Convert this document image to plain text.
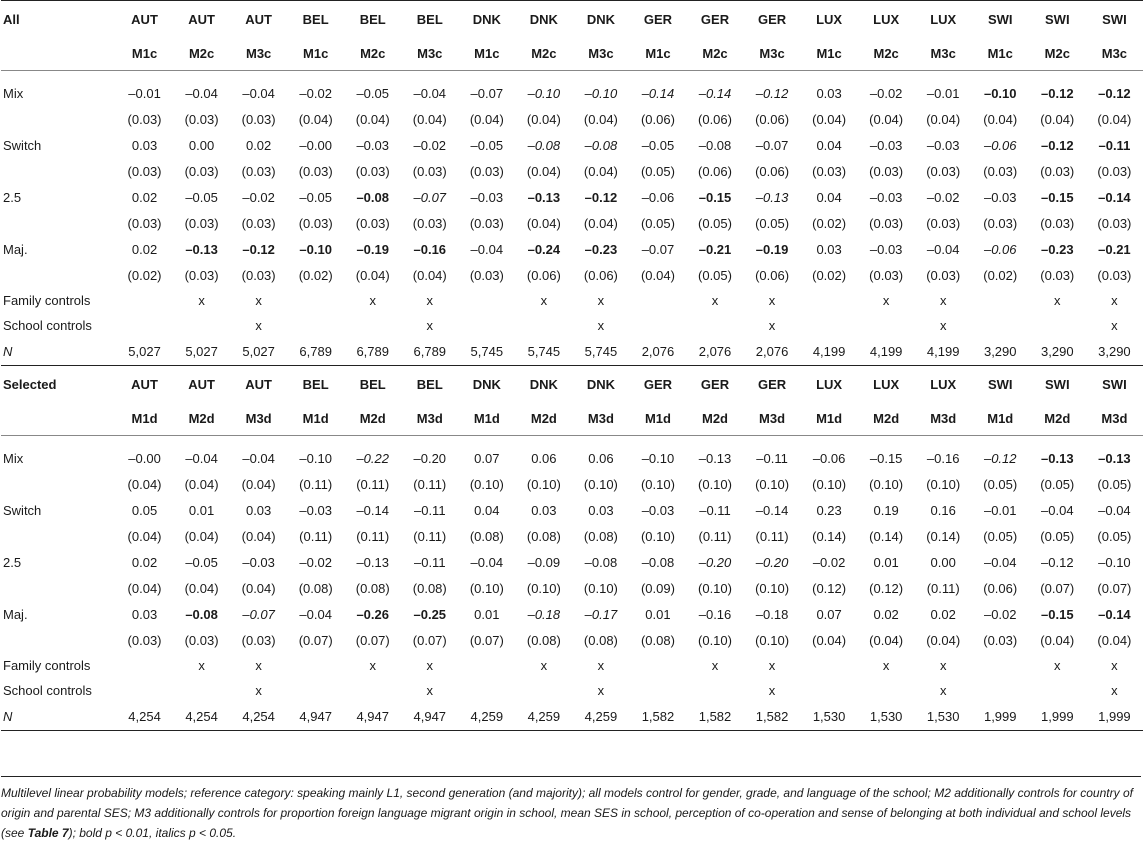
All	AUT	AUT	AUT	BEL	BEL	BEL	DNK	DNK	DNK	GER	GER	GER	LUX	LUX	LUX	SWI	SWI	SWI
	M1c	M2c	M3c	M1c	M2c	M3c	M1c	M2c	M3c	M1c	M2c	M3c	M1c	M2c	M3c	M1c	M2c	M3c

Mix	–0.01	–0.04	–0.04	–0.02	–0.05	–0.04	–0.07	–0.10	–0.10	–0.14	–0.14	–0.12	0.03	–0.02	–0.01	–0.10	–0.12	–0.12
	(0.03)	(0.03)	(0.03)	(0.04)	(0.04)	(0.04)	(0.04)	(0.04)	(0.04)	(0.06)	(0.06)	(0.06)	(0.04)	(0.04)	(0.04)	(0.04)	(0.04)	(0.04)
Switch	0.03	0.00	0.02	–0.00	–0.03	–0.02	–0.05	–0.08	–0.08	–0.05	–0.08	–0.07	0.04	–0.03	–0.03	–0.06	–0.12	–0.11
	(0.03)	(0.03)	(0.03)	(0.03)	(0.03)	(0.03)	(0.03)	(0.04)	(0.04)	(0.05)	(0.06)	(0.06)	(0.03)	(0.03)	(0.03)	(0.03)	(0.03)	(0.03)
2.5	0.02	–0.05	–0.02	–0.05	–0.08	–0.07	–0.03	–0.13	–0.12	–0.06	–0.15	–0.13	0.04	–0.03	–0.02	–0.03	–0.15	–0.14
	(0.03)	(0.03)	(0.03)	(0.03)	(0.03)	(0.03)	(0.03)	(0.04)	(0.04)	(0.05)	(0.05)	(0.05)	(0.02)	(0.03)	(0.03)	(0.03)	(0.03)	(0.03)
Maj.	0.02	–0.13	–0.12	–0.10	–0.19	–0.16	–0.04	–0.24	–0.23	–0.07	–0.21	–0.19	0.03	–0.03	–0.04	–0.06	–0.23	–0.21
	(0.02)	(0.03)	(0.03)	(0.02)	(0.04)	(0.04)	(0.03)	(0.06)	(0.06)	(0.04)	(0.05)	(0.06)	(0.02)	(0.03)	(0.03)	(0.02)	(0.03)	(0.03)
Family controls		x	x		x	x		x	x		x	x		x	x		x	x
School controls			x			x			x			x			x			x
N	5,027	5,027	5,027	6,789	6,789	6,789	5,745	5,745	5,745	2,076	2,076	2,076	4,199	4,199	4,199	3,290	3,290	3,290
Selected	AUT	AUT	AUT	BEL	BEL	BEL	DNK	DNK	DNK	GER	GER	GER	LUX	LUX	LUX	SWI	SWI	SWI
	M1d	M2d	M3d	M1d	M2d	M3d	M1d	M2d	M3d	M1d	M2d	M3d	M1d	M2d	M3d	M1d	M2d	M3d

Mix	–0.00	–0.04	–0.04	–0.10	–0.22	–0.20	0.07	0.06	0.06	–0.10	–0.13	–0.11	–0.06	–0.15	–0.16	–0.12	–0.13	–0.13
	(0.04)	(0.04)	(0.04)	(0.11)	(0.11)	(0.11)	(0.10)	(0.10)	(0.10)	(0.10)	(0.10)	(0.10)	(0.10)	(0.10)	(0.10)	(0.05)	(0.05)	(0.05)
Switch	0.05	0.01	0.03	–0.03	–0.14	–0.11	0.04	0.03	0.03	–0.03	–0.11	–0.14	0.23	0.19	0.16	–0.01	–0.04	–0.04
	(0.04)	(0.04)	(0.04)	(0.11)	(0.11)	(0.11)	(0.08)	(0.08)	(0.08)	(0.10)	(0.11)	(0.11)	(0.14)	(0.14)	(0.14)	(0.05)	(0.05)	(0.05)
2.5	0.02	–0.05	–0.03	–0.02	–0.13	–0.11	–0.04	–0.09	–0.08	–0.08	–0.20	–0.20	–0.02	0.01	0.00	–0.04	–0.12	–0.10
	(0.04)	(0.04)	(0.04)	(0.08)	(0.08)	(0.08)	(0.10)	(0.10)	(0.10)	(0.09)	(0.10)	(0.10)	(0.12)	(0.12)	(0.11)	(0.06)	(0.07)	(0.07)
Maj.	0.03	–0.08	–0.07	–0.04	–0.26	–0.25	0.01	–0.18	–0.17	0.01	–0.16	–0.18	0.07	0.02	0.02	–0.02	–0.15	–0.14
	(0.03)	(0.03)	(0.03)	(0.07)	(0.07)	(0.07)	(0.07)	(0.08)	(0.08)	(0.08)	(0.10)	(0.10)	(0.04)	(0.04)	(0.04)	(0.03)	(0.04)	(0.04)
Family controls		x	x		x	x		x	x		x	x		x	x		x	x
School controls			x			x			x			x			x			x
N	4,254	4,254	4,254	4,947	4,947	4,947	4,259	4,259	4,259	1,582	1,582	1,582	1,530	1,530	1,530	1,999	1,999	1,999
Multilevel linear probability models; reference category: speaking mainly L1, second generation (and majority); all models control for gender, grade, and language of the school; M2 additionally controls for country of origin and parental SES; M3 additionally controls for proportion foreign language migrant origin in school, mean SES in school, perception of co-operation and sense of belonging at both individual and school levels (see Table 7); bold p < 0.01, italics p < 0.05.
